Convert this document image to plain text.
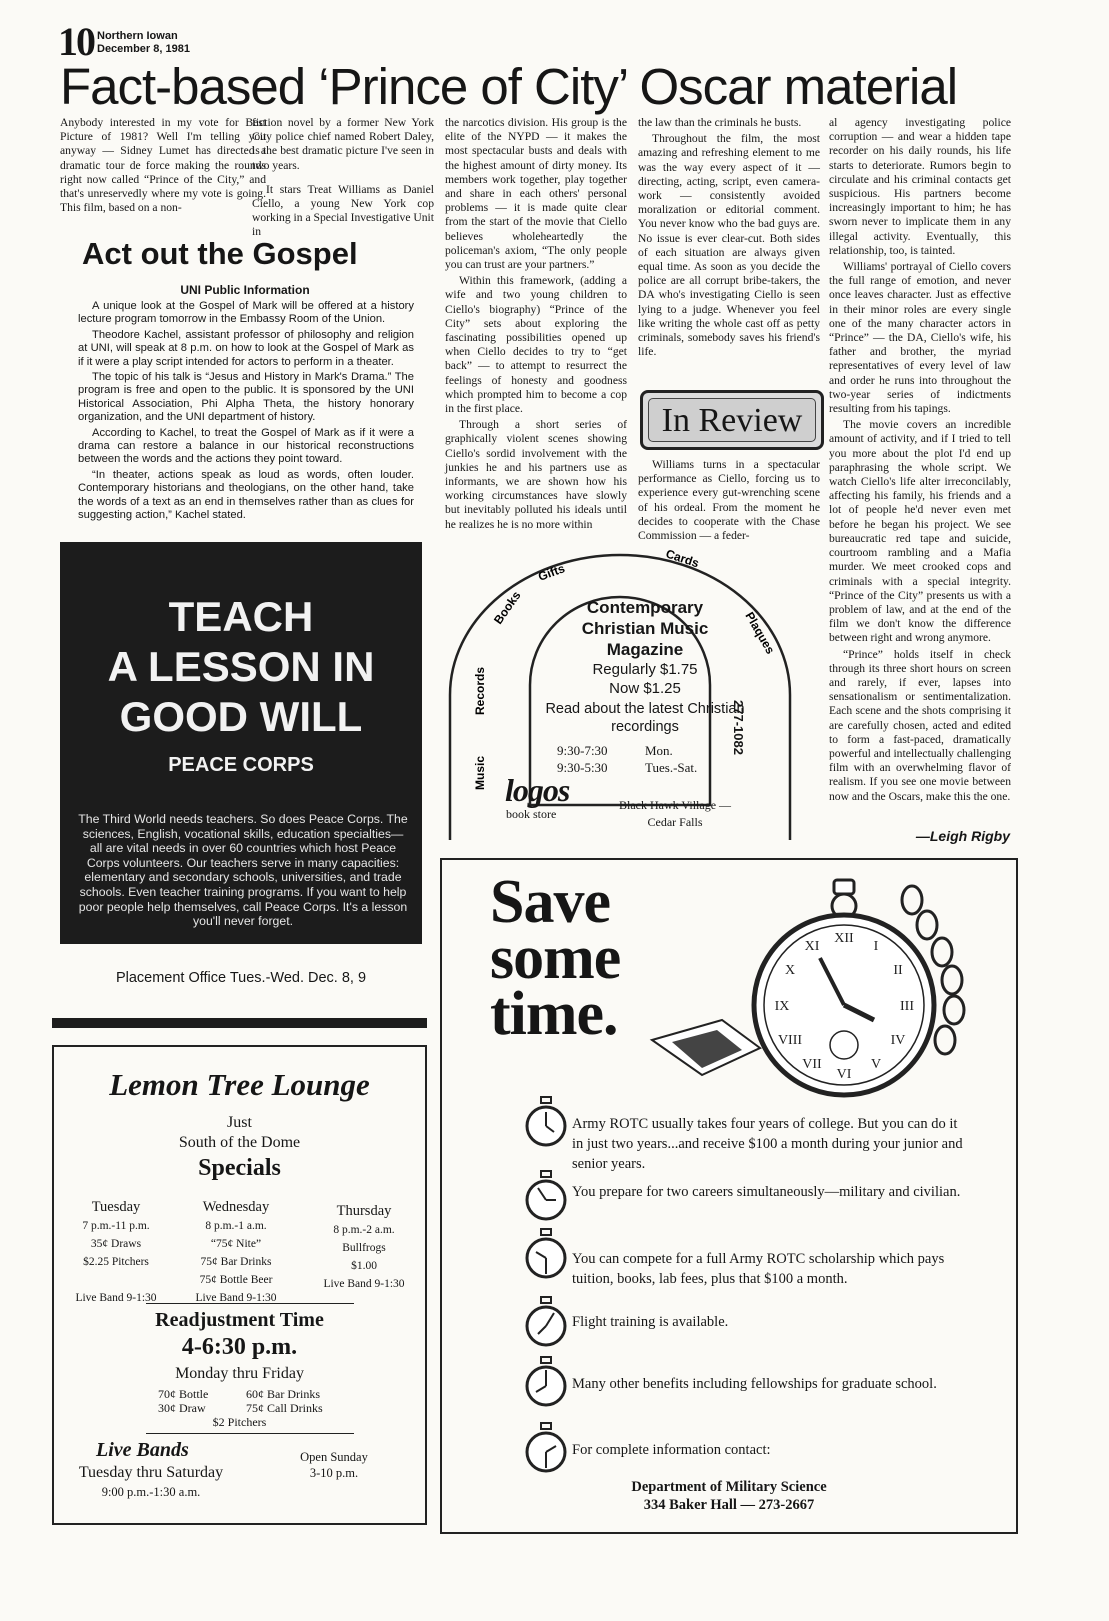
10 Northern Iowan
December 8, 1981
Fact-based ‘Prince of City’ Oscar material

Anybody interested in my vote for Best Picture of 1981? Well I'm telling you anyway — Sidney Lumet has directed a dramatic tour de force making the rounds right now called “Prince of the City,” and that's unreservedly where my vote is going. This film, based on a non-

fiction novel by a former New York City police chief named Robert Daley, is the best dramatic picture I've seen in two years.

It stars Treat Williams as Daniel Ciello, a young New York cop working in a Special Investigative Unit in

the narcotics division. His group is the elite of the NYPD — it makes the most spectacular busts and deals with the highest amount of dirty money. Its members work together, play together and share in each others' personal problems — it is made quite clear from the start of the movie that Ciello believes wholeheartedly the policeman's axiom, “The only people you can trust are your partners.”

Within this framework, (adding a wife and two young children to Ciello's biography) “Prince of the City” sets about exploring the fascinating possibilities opened up when Ciello decides to try to “get back” — to attempt to resurrect the feelings of honesty and goodness which prompted him to become a cop in the first place.

Through a short series of graphically violent scenes showing Ciello's sordid involvement with the junkies he and his partners use as informants, we are shown how his working circumstances have slowly but inevitably polluted his ideals until he realizes he is no more within

the law than the criminals he busts.

Throughout the film, the most amazing and refreshing element to me was the way every aspect of it — directing, acting, script, even camera-work — consistently avoided moralization or editorial comment. You never know who the bad guys are. No issue is ever clear-cut. Both sides of each situation are always given equal time. As soon as you decide the police are all corrupt bribe-takers, the DA who's investigating Ciello is seen lying to a judge. Whenever you feel like writing the whole cast off as petty criminals, somebody saves his friend's life.

In Review

Williams turns in a spectacular performance as Ciello, forcing us to experience every gut-wrenching scene of his ordeal. From the moment he decides to cooperate with the Chase Commission — a feder-

al agency investigating police corruption — and wear a hidden tape recorder on his daily rounds, his life starts to deteriorate. Rumors begin to circulate and his criminal contacts get suspicious. His partners become increasingly important to him; he has sworn never to implicate them in any illegal activity. Eventually, this relationship, too, is tainted.

Williams' portrayal of Ciello covers the full range of emotion, and never once leaves character. Just as effective in their minor roles are every single one of the many character actors in “Prince” — the DA, Ciello's wife, his father and brother, the myriad representatives of every level of law and order he runs into throughout the two-year series of indictments resulting from his tapings.

The movie covers an incredible amount of activity, and if I tried to tell you more about the plot I'd end up paraphrasing the whole script. We watch Ciello's life alter irreconcilably, affecting his family, his friends and a lot of people he'd never even met before he began his project. We see bureaucratic red tape and suicide, courtroom rambling and a Mafia murder. We meet crooked cops and criminals with a special integrity. “Prince of the City” presents us with a problem of law, and at the end of the film we don't know the difference between right and wrong anymore.

“Prince” holds itself in check through its three short hours on screen and rarely, if ever, lapses into sensationalism or sentimentalization. Each scene and the shots comprising it are carefully chosen, acted and edited to form a fast-paced, dramatically powerful and intellectually challenging film with an overwhelming flavor of realism. If you see one movie between now and the Oscars, make this the one.

—Leigh Rigby
Act out the Gospel
UNI Public Information

A unique look at the Gospel of Mark will be offered at a history lecture program tomorrow in the Embassy Room of the Union.

Theodore Kachel, assistant professor of philosophy and religion at UNI, will speak at 8 p.m. on how to look at the Gospel of Mark as if it were a play script intended for actors to perform in a theater.

The topic of his talk is “Jesus and History in Mark's Drama.” The program is free and open to the public. It is sponsored by the UNI Historical Association, Phi Alpha Theta, the history honorary organization, and the UNI department of history.

According to Kachel, to treat the Gospel of Mark as if it were a drama can restore a balance in our historical reconstructions between the words and the actions they point toward.

“In theater, actions speak as loud as words, often louder. Contemporary historians and theologians, on the other hand, take the words of a text as an end in themselves rather than as clues for suggesting action,” Kachel stated.

TEACH
A LESSON IN
GOOD WILL
PEACE CORPS
The Third World needs teachers. So does Peace Corps. The sciences, English, vocational skills, education specialties—all are vital needs in over 60 countries which host Peace Corps volunteers. Our teachers serve in many capacities: elementary and secondary schools, universities, and trade schools. Even teacher training programs. If you want to help poor people help themselves, call Peace Corps. It's a lesson you'll never forget.
Placement Office Tues.-Wed. Dec. 8, 9
Gifts
Cards
Books
Plaques
Records
Music
Contemporary
Christian Music
Magazine
Regularly $1.75
Now $1.25
Read about the latest Christian recordings
9:30-7:30	Mon.
9:30-5:30	Tues.-Sat.
logos
book store
Black Hawk Village —
Cedar Falls
277-1082
Lemon Tree Lounge
Just
South of the Dome
Specials
Tuesday
7 p.m.-11 p.m.
35¢ Draws
$2.25 Pitchers
Live Band 9-1:30
Wednesday
8 p.m.-1 a.m.
“75¢ Nite”
75¢ Bar Drinks
75¢ Bottle Beer
Live Band 9-1:30
Thursday
8 p.m.-2 a.m.
Bullfrogs
$1.00
Live Band 9-1:30
Readjustment Time
4-6:30 p.m.
Monday thru Friday
70¢ Bottle
30¢ Draw
60¢ Bar Drinks
75¢ Call Drinks
$2 Pitchers
Live Bands
Tuesday thru Saturday
9:00 p.m.-1:30 a.m.
Open Sunday
3-10 p.m.
Save
some
time.
XII
I
II
III
IV
V
VI
VII
VIII
IX
X
XI
Army ROTC usually takes four years of college. But you can do it in just two years...and receive $100 a month during your junior and senior years.
You prepare for two careers simultaneously—military and civilian.
You can compete for a full Army ROTC scholarship which pays tuition, books, lab fees, plus that $100 a month.
Flight training is available.
Many other benefits including fellowships for graduate school.
For complete information contact:
Department of Military Science
334 Baker Hall — 273-2667
